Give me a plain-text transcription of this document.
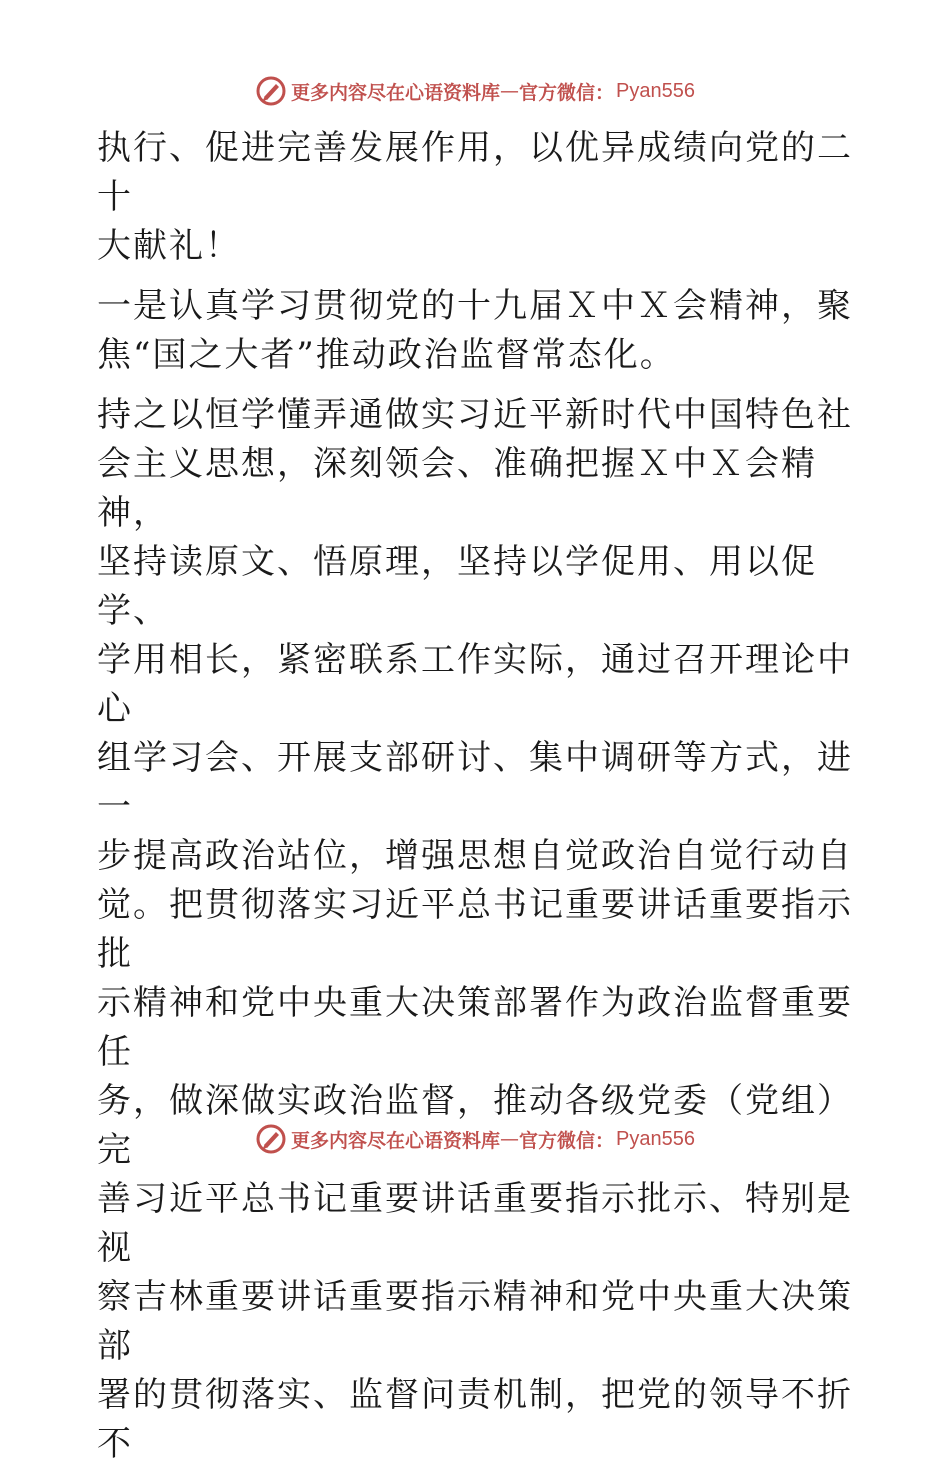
更多内容尽在心语资料库 — 官方微信： Pyan556

执行、促进完善发展作用，以优异成绩向党的二十
大献礼！

一是认真学习贯彻党的十九届Ｘ中Ｘ会精神，聚
焦“国之大者”推动政治监督常态化。

持之以恒学懂弄通做实习近平新时代中国特色社
会主义思想，深刻领会、准确把握Ｘ中Ｘ会精神，
坚持读原文、悟原理，坚持以学促用、用以促学、
学用相长，紧密联系工作实际，通过召开理论中心
组学习会、开展支部研讨、集中调研等方式，进一
步提高政治站位，增强思想自觉政治自觉行动自
觉。把贯彻落实习近平总书记重要讲话重要指示批
示精神和党中央重大决策部署作为政治监督重要任
务，做深做实政治监督，推动各级党委（党组）完
善习近平总书记重要讲话重要指示批示、特别是视
察吉林重要讲话重要指示精神和党中央重大决策部
署的贯彻落实、监督问责机制，把党的领导不折不

更多内容尽在心语资料库 — 官方微信： Pyan556
